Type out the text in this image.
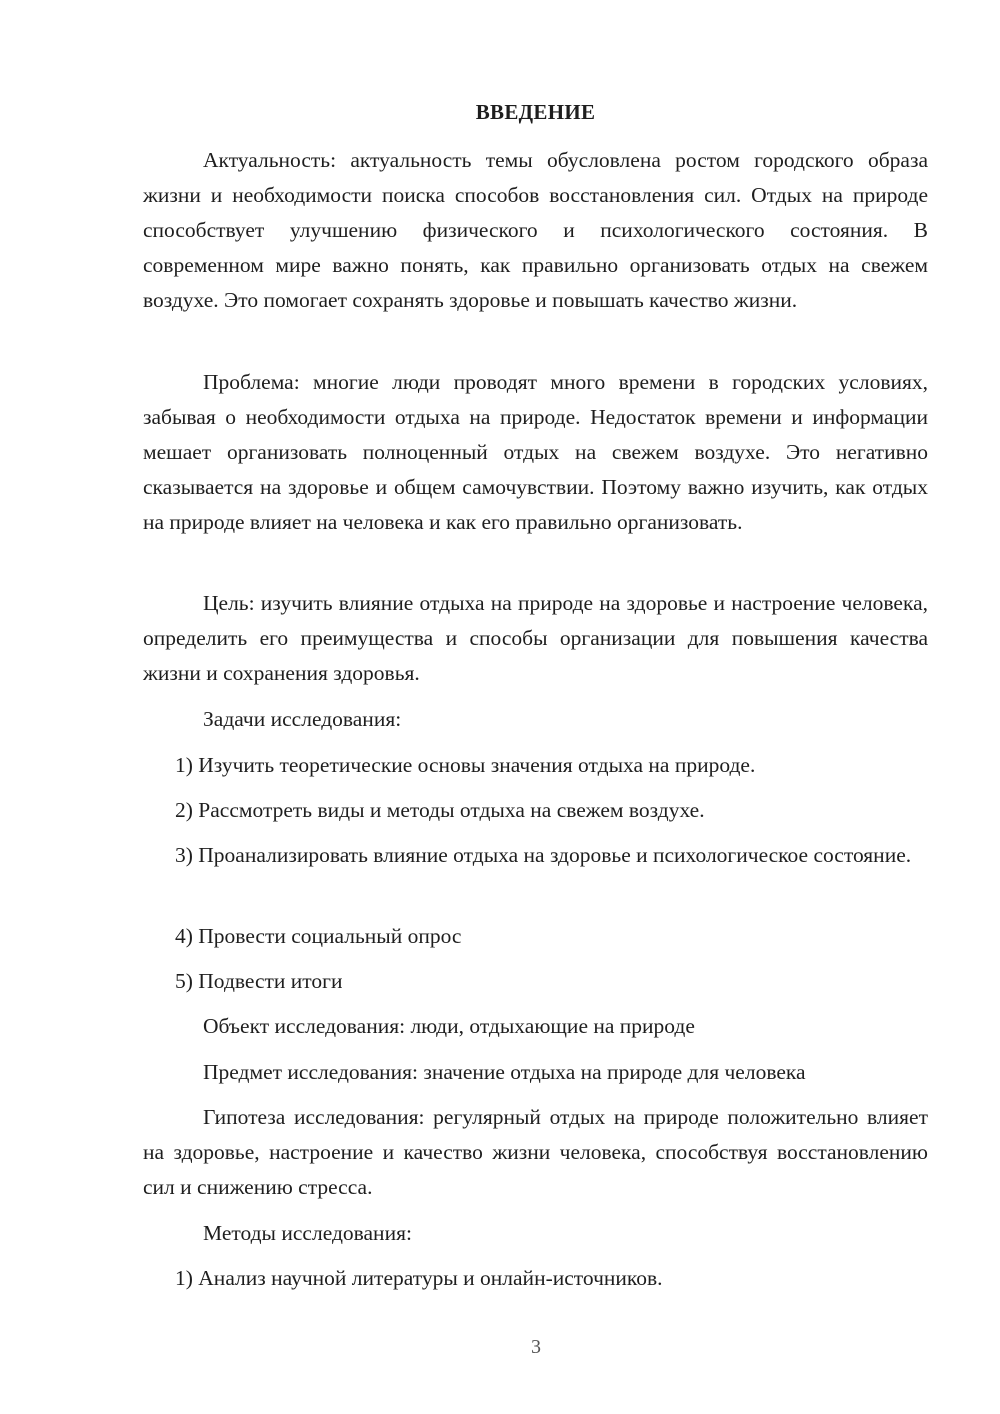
ВВЕДЕНИЕ

Актуальность: актуальность темы обусловлена ростом городского образа жизни и необходимости поиска способов восстановления сил. Отдых на природе способствует улучшению физического и психологического состояния. В современном мире важно понять, как правильно организовать отдых на свежем воздухе. Это помогает сохранять здоровье и повышать качество жизни.

Проблема: многие люди проводят много времени в городских условиях, забывая о необходимости отдыха на природе. Недостаток времени и информации мешает организовать полноценный отдых на свежем воздухе. Это негативно сказывается на здоровье и общем самочувствии. Поэтому важно изучить, как отдых на природе влияет на человека и как его правильно организовать.

Цель: изучить влияние отдыха на природе на здоровье и настроение человека, определить его преимущества и способы организации для повышения качества жизни и сохранения здоровья.

Задачи исследования:

1) Изучить теоретические основы значения отдыха на природе.

2) Рассмотреть виды и методы отдыха на свежем воздухе.

3) Проанализировать влияние отдыха на здоровье и психологическое состояние.

4) Провести социальный опрос

5) Подвести итоги

Объект исследования: люди, отдыхающие на природе

Предмет исследования: значение отдыха на природе для человека

Гипотеза исследования: регулярный отдых на природе положительно влияет на здоровье, настроение и качество жизни человека, способствуя восстановлению сил и снижению стресса.

Методы исследования:

1) Анализ научной литературы и онлайн-источников.

3
